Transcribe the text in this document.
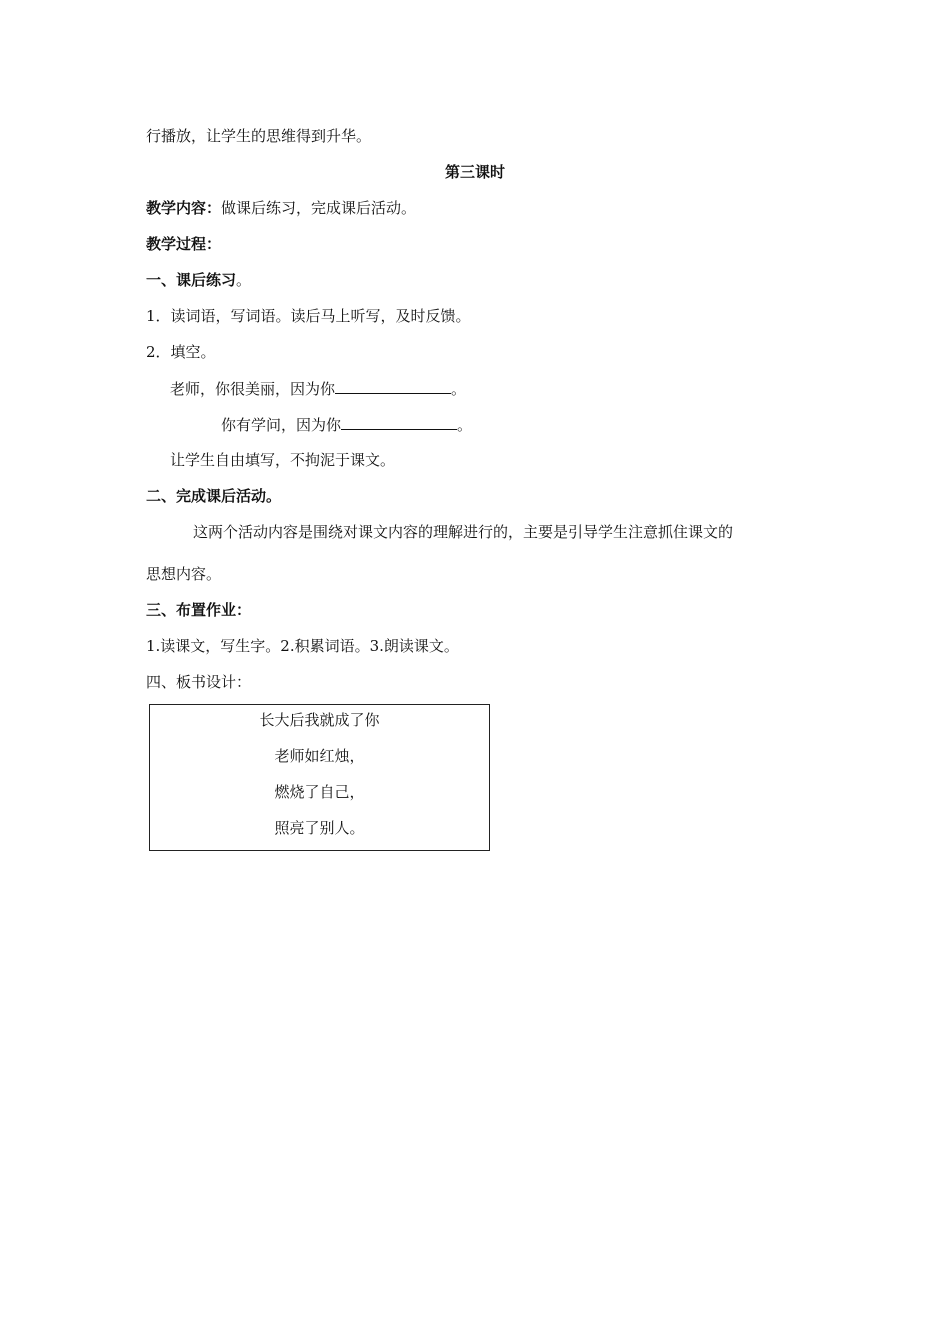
行播放，让学生的思维得到升华。
第三课时
教学内容：做课后练习，完成课后活动。
教学过程：
一、课后练习。
1．读词语，写词语。读后马上听写，及时反馈。
2．填空。
老师，你很美丽，因为你	。
你有学问，因为你	。
让学生自由填写，不拘泥于课文。
二、完成课后活动。
这两个活动内容是围绕对课文内容的理解进行的，主要是引导学生注意抓住课文的
思想内容。
三、布置作业：
1.读课文，写生字。2.积累词语。3.朗读课文。
四、板书设计：
长大后我就成了你
老师如红烛，
燃烧了自己，
照亮了别人。
